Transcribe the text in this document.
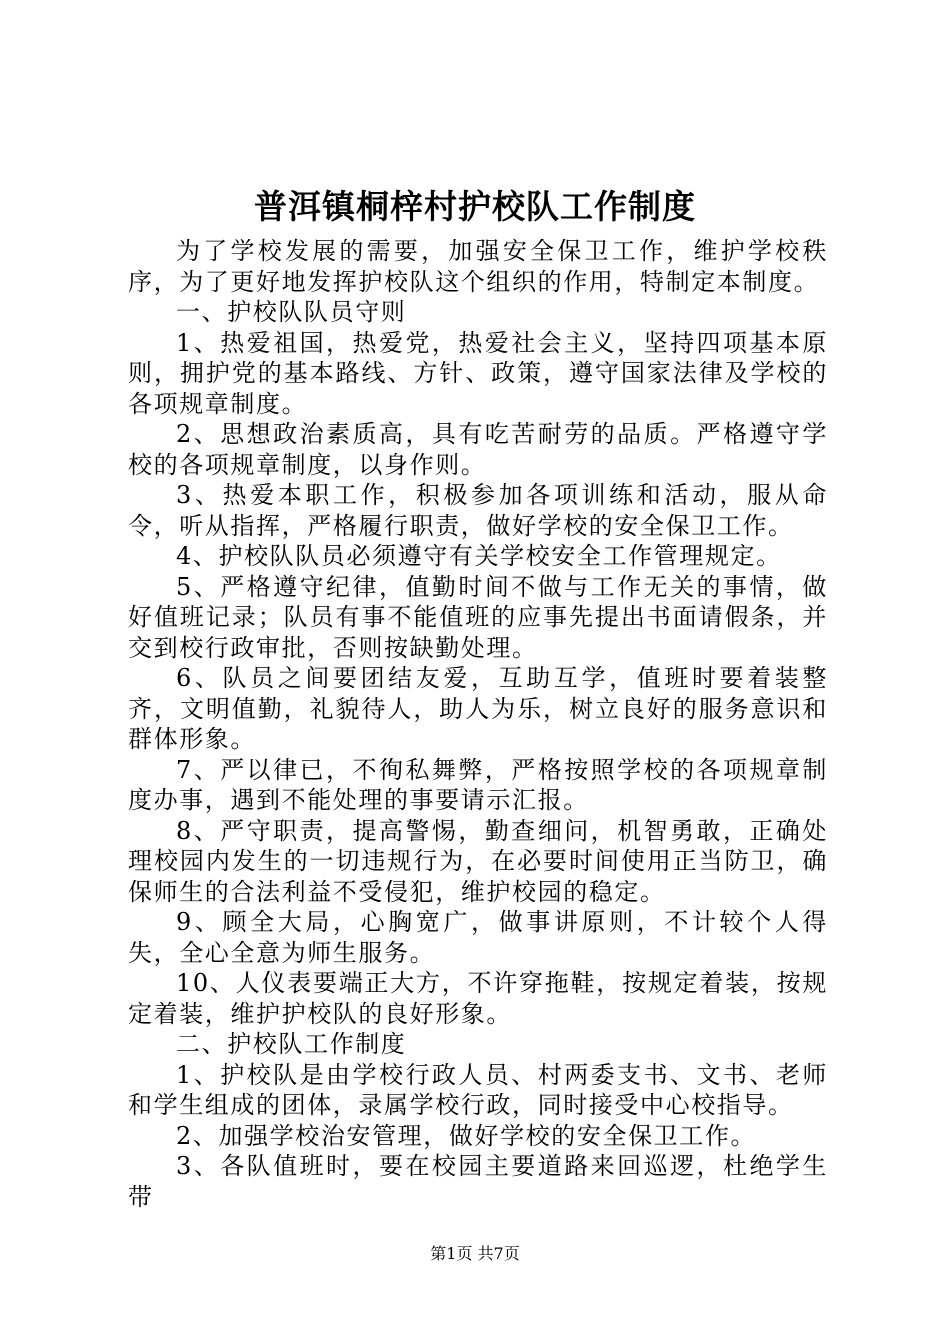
普洱镇桐梓村护校队工作制度

为了学校发展的需要，加强安全保卫工作，维护学校秩序，为了更好地发挥护校队这个组织的作用，特制定本制度。

一、护校队队员守则

1、热爱祖国，热爱党，热爱社会主义，坚持四项基本原则，拥护党的基本路线、方针、政策，遵守国家法律及学校的各项规章制度。

2、思想政治素质高，具有吃苦耐劳的品质。严格遵守学校的各项规章制度，以身作则。

3、热爱本职工作，积极参加各项训练和活动，服从命令，听从指挥，严格履行职责，做好学校的安全保卫工作。

4、护校队队员必须遵守有关学校安全工作管理规定。

5、严格遵守纪律，值勤时间不做与工作无关的事情，做好值班记录；队员有事不能值班的应事先提出书面请假条，并交到校行政审批，否则按缺勤处理。

6、队员之间要团结友爱，互助互学，值班时要着装整齐，文明值勤，礼貌待人，助人为乐，树立良好的服务意识和群体形象。

7、严以律已，不徇私舞弊，严格按照学校的各项规章制度办事，遇到不能处理的事要请示汇报。

8、严守职责，提高警惕，勤查细问，机智勇敢，正确处理校园内发生的一切违规行为，在必要时间使用正当防卫，确保师生的合法利益不受侵犯，维护校园的稳定。

9、顾全大局，心胸宽广，做事讲原则，不计较个人得失，全心全意为师生服务。

10、人仪表要端正大方，不许穿拖鞋，按规定着装，按规定着装，维护护校队的良好形象。

二、护校队工作制度

1、护校队是由学校行政人员、村两委支书、文书、老师和学生组成的团体，录属学校行政，同时接受中心校指导。

2、加强学校治安管理，做好学校的安全保卫工作。

3、各队值班时，要在校园主要道路来回巡逻，杜绝学生带

第1页 共7页
